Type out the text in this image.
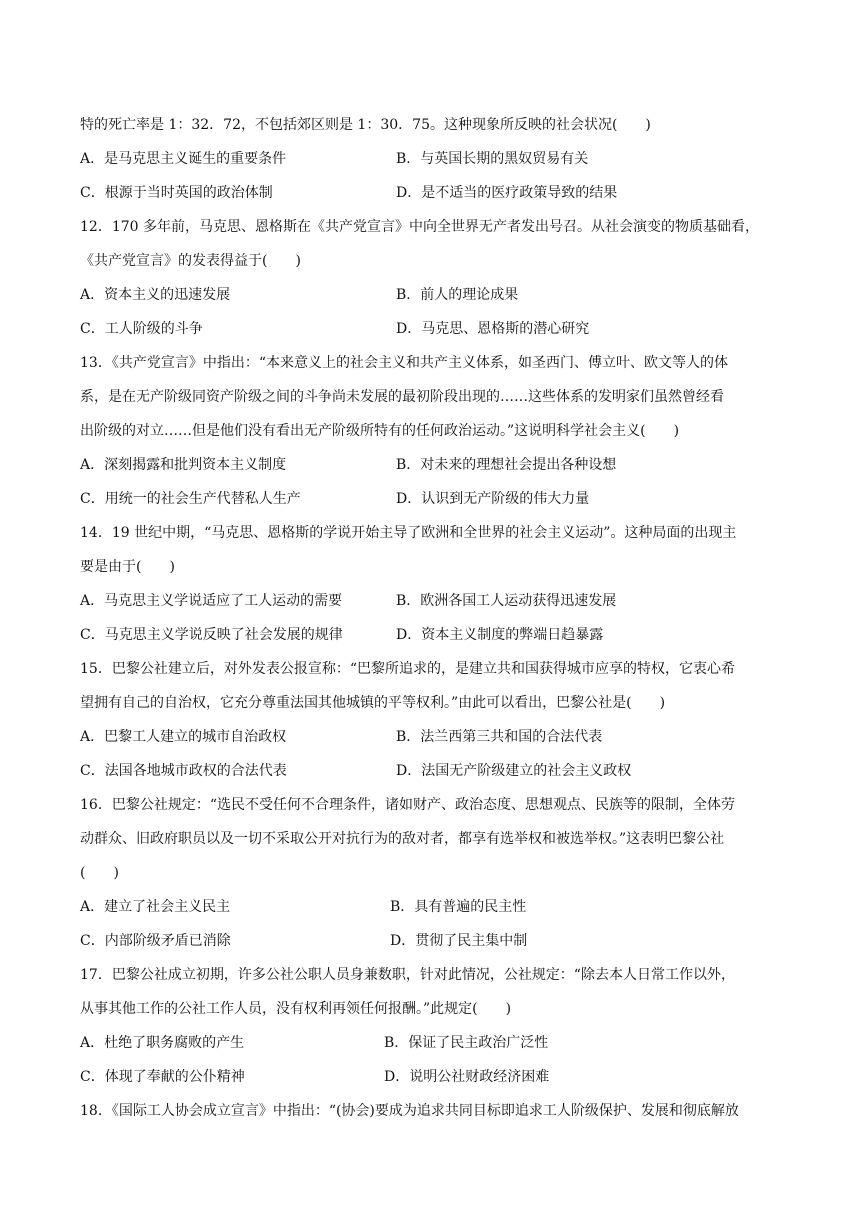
特的死亡率是 1：32．72，不包括郊区则是 1：30．75。这种现象所反映的社会状况(　　)
A．是马克思主义诞生的重要条件	B．与英国长期的黑奴贸易有关
C．根源于当时英国的政治体制	D．是不适当的医疗政策导致的结果
12．170 多年前，马克思、恩格斯在《共产党宣言》中向全世界无产者发出号召。从社会演变的物质基础看，
《共产党宣言》的发表得益于(　　)
A．资本主义的迅速发展	B．前人的理论成果
C．工人阶级的斗争	D．马克思、恩格斯的潜心研究
13．《共产党宣言》中指出：“本来意义上的社会主义和共产主义体系，如圣西门、傅立叶、欧文等人的体
系，是在无产阶级同资产阶级之间的斗争尚未发展的最初阶段出现的……这些体系的发明家们虽然曾经看
出阶级的对立……但是他们没有看出无产阶级所特有的任何政治运动。”这说明科学社会主义(　　)
A．深刻揭露和批判资本主义制度	B．对未来的理想社会提出各种设想
C．用统一的社会生产代替私人生产	D．认识到无产阶级的伟大力量
14．19 世纪中期，“马克思、恩格斯的学说开始主导了欧洲和全世界的社会主义运动”。这种局面的出现主
要是由于(　　)
A．马克思主义学说适应了工人运动的需要	B．欧洲各国工人运动获得迅速发展
C．马克思主义学说反映了社会发展的规律	D．资本主义制度的弊端日趋暴露
15．巴黎公社建立后，对外发表公报宣称：“巴黎所追求的，是建立共和国获得城市应享的特权，它衷心希
望拥有自己的自治权，它充分尊重法国其他城镇的平等权利。”由此可以看出，巴黎公社是(　　)
A．巴黎工人建立的城市自治政权	B．法兰西第三共和国的合法代表
C．法国各地城市政权的合法代表	D．法国无产阶级建立的社会主义政权
16．巴黎公社规定：“选民不受任何不合理条件，诸如财产、政治态度、思想观点、民族等的限制，全体劳
动群众、旧政府职员以及一切不采取公开对抗行为的敌对者，都享有选举权和被选举权。”这表明巴黎公社
(　　)
A．建立了社会主义民主	B．具有普遍的民主性
C．内部阶级矛盾已消除	D．贯彻了民主集中制
17．巴黎公社成立初期，许多公社公职人员身兼数职，针对此情况，公社规定：“除去本人日常工作以外，
从事其他工作的公社工作人员，没有权利再领任何报酬。”此规定(　　)
A．杜绝了职务腐败的产生	B．保证了民主政治广泛性
C．体现了奉献的公仆精神	D．说明公社财政经济困难
18．《国际工人协会成立宣言》中指出：“(协会)要成为追求共同目标即追求工人阶级保护、发展和彻底解放
